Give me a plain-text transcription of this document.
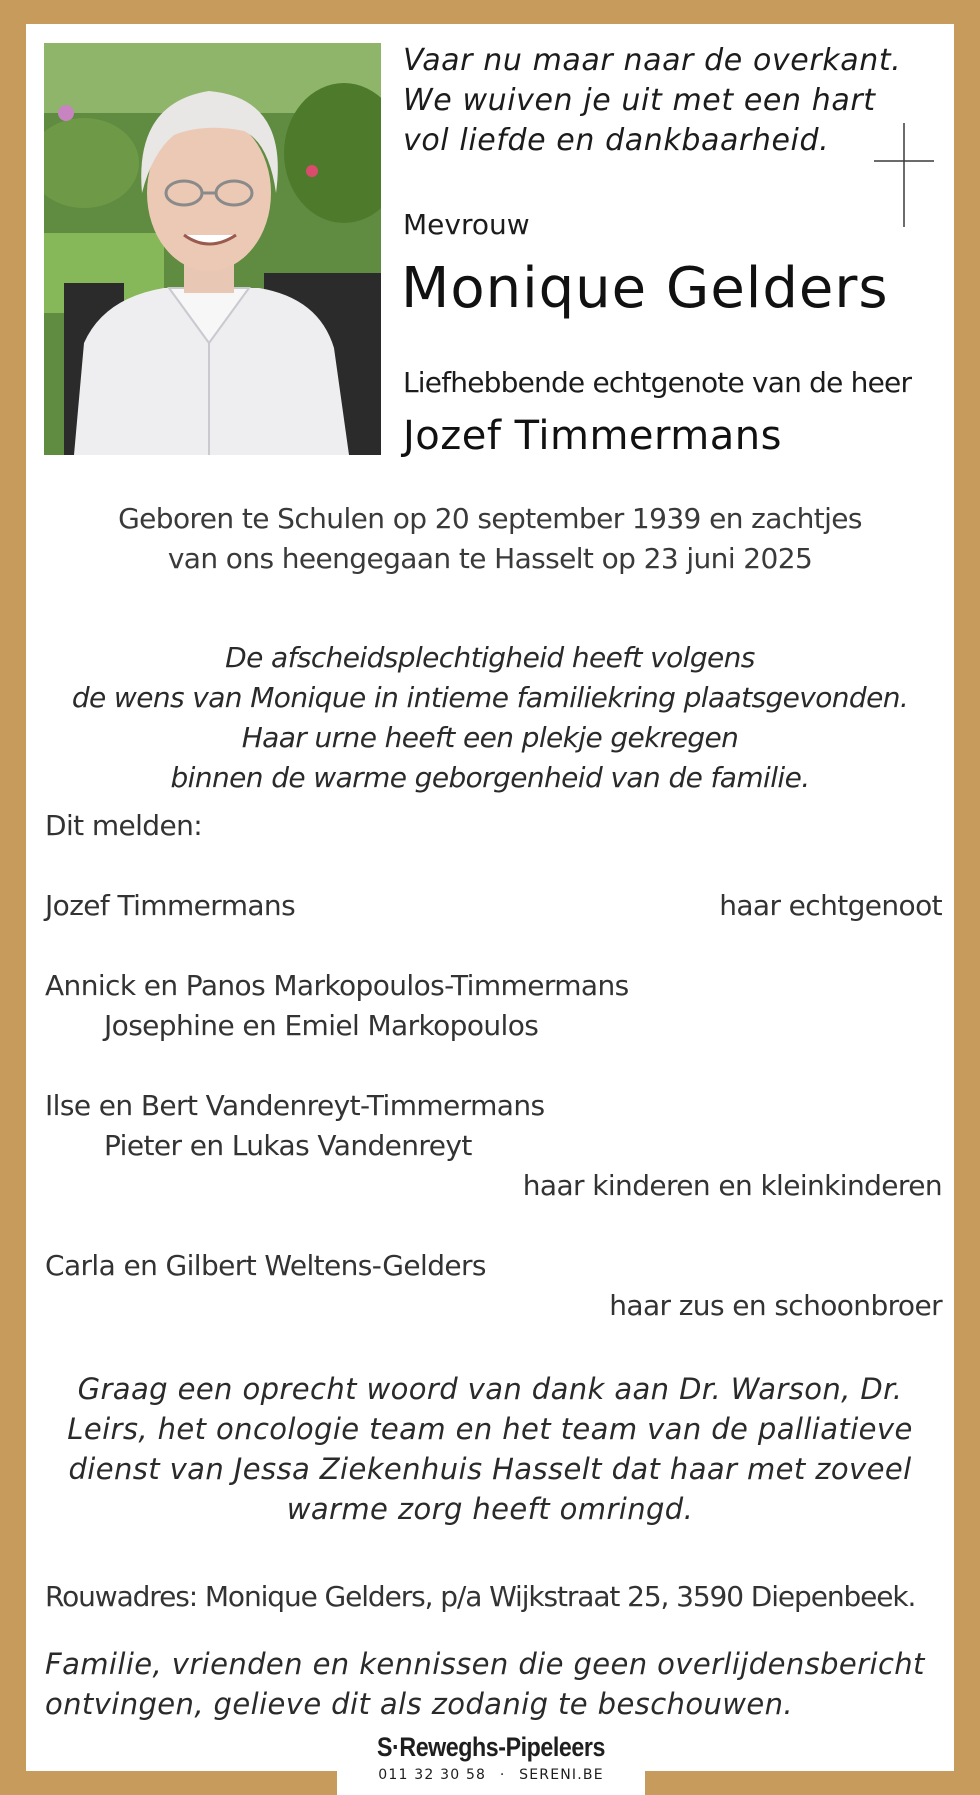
Vaar nu maar naar de overkant.
We wuiven je uit met een hart
vol liefde en dankbaarheid.
Mevrouw
Monique Gelders
Liefhebbende echtgenote van de heer
Jozef Timmermans
Geboren te Schulen op 20 september 1939 en zachtjes
van ons heengegaan te Hasselt op 23 juni 2025
De afscheidsplechtigheid heeft volgens
de wens van Monique in intieme familiekring plaatsgevonden.
Haar urne heeft een plekje gekregen
binnen de warme geborgenheid van de familie.
Dit melden:
Jozef Timmermans	haar echtgenoot
Annick en Panos Markopoulos-Timmermans
Josephine en Emiel Markopoulos
Ilse en Bert Vandenreyt-Timmermans
Pieter en Lukas Vandenreyt
haar kinderen en kleinkinderen
Carla en Gilbert Weltens-Gelders
haar zus en schoonbroer
Graag een oprecht woord van dank aan Dr. Warson, Dr.
Leirs, het oncologie team en het team van de palliatieve
dienst van Jessa Ziekenhuis Hasselt dat haar met zoveel
warme zorg heeft omringd.
Rouwadres: Monique Gelders, p/a Wijkstraat 25, 3590 Diepenbeek.
Familie, vrienden en kennissen die geen overlijdensbericht
ontvingen, gelieve dit als zodanig te beschouwen.
S·Reweghs-Pipeleers
011 32 30 58 · SERENI.BE
